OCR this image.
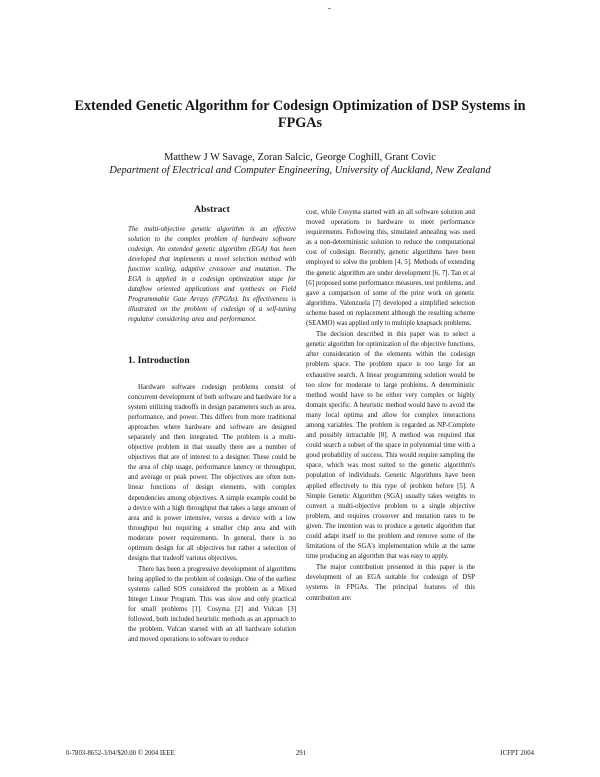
Extended Genetic Algorithm for Codesign Optimization of DSP Systems in FPGAs
Matthew J W Savage, Zoran Salcic, George Coghill, Grant Covic
Department of Electrical and Computer Engineering, University of Auckland, New Zealand
Abstract
The multi-objective genetic algorithm is an effective solution to the complex problem of hardware software codesign. An extended genetic algorithm (EGA) has been developed that implements a novel selection method with function scaling, adaptive crossover and mutation. The EGA is applied in a codesign optimization stage for dataflow oriented applications and synthesis on Field Programmable Gate Arrays (FPGAs). Its effectiveness is illustrated on the problem of codesign of a self-tuning regulator considering area and performance.
1. Introduction

Hardware software codesign problems consist of concurrent development of both software and hardware for a system utilizing tradeoffs in design parameters such as area, performance, and power. This differs from more traditional approaches where hardware and software are designed separately and then integrated. The problem is a multi-objective problem in that usually there are a number of objectives that are of interest to a designer. These could be the area of chip usage, performance latency or throughput, and average or peak power. The objectives are often non-linear functions of design elements, with complex dependencies among objectives. A simple example could be a device with a high throughput that takes a large amount of area and is power intensive, versus a device with a low throughput but requiring a smaller chip area and with moderate power requirements. In general, there is no optimum design for all objectives but rather a selection of designs that tradeoff various objectives.

There has been a progressive development of algorithms being applied to the problem of codesign. One of the earliest systems called SOS considered the problem as a Mixed Integer Linear Program. This was slow and only practical for small problems [1]. Cosyma [2] and Vulcan [3] followed, both included heuristic methods as an approach to the problem. Vulcan started with an all hardware solution and moved operations to software to reduce

cost, while Cosyma started with an all software solution and moved operations to hardware to meet performance requirements. Following this, simulated annealing was used as a non-deterministic solution to reduce the computational cost of codesign. Recently, genetic algorithms have been employed to solve the problem [4, 5]. Methods of extending the genetic algorithm are under development [6, 7]. Tan et al [6] proposed some performance measures, test problems, and gave a comparison of some of the prior work on genetic algorithms. Valenzuela [7] developed a simplified selection scheme based on replacement although the resulting scheme (SEAMO) was applied only to multiple knapsack problems.

The decision described in this paper was to select a genetic algorithm for optimization of the objective functions, after consideration of the elements within the codesign problem space. The problem space is too large for an exhaustive search. A linear programming solution would be too slow for moderate to large problems. A deterministic method would have to be either very complex or highly domain specific. A heuristic method would have to avoid the many local optima and allow for complex interactions among variables. The problem is regarded as NP-Complete and possibly intractable [8]. A method was required that could search a subset of the space in polynomial time with a good probability of success. This would require sampling the space, which was most suited to the genetic algorithm's population of individuals. Genetic Algorithms have been applied effectively to this type of problem before [5]. A Simple Genetic Algorithm (SGA) usually takes weights to convert a multi-objective problem to a single objective problem, and requires crossover and mutation rates to be given. The intention was to produce a genetic algorithm that could adapt itself to the problem and remove some of the limitations of the SGA's implementation while at the same time producing an algorithm that was easy to apply.

The major contribution presented in this paper is the development of an EGA suitable for codesign of DSP systems in FPGAs. The principal features of this contribution are:

0-7803-8652-3/04/$20.00 © 2004 IEEE	291	ICFPT 2004
